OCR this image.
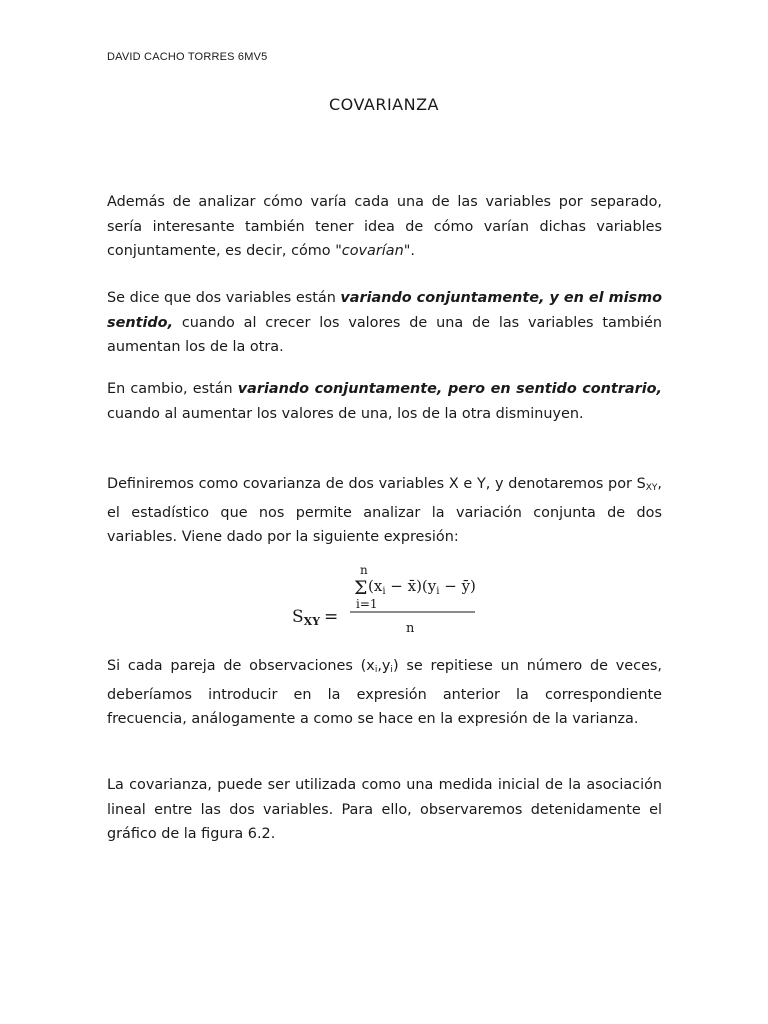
DAVID CACHO TORRES 6MV5
COVARIANZA

Además de analizar cómo varía cada una de las variables por separado, sería interesante también tener idea de cómo varían dichas variables conjuntamente, es decir, cómo "covarían".

Se dice que dos variables están variando conjuntamente, y en el mismo sentido, cuando al crecer los valores de una de las variables también aumentan los de la otra.

En cambio, están variando conjuntamente, pero en sentido contrario, cuando al aumentar los valores de una, los de la otra disminuyen.

Definiremos como covarianza de dos variables X e Y, y denotaremos por $S_{XY}$, el estadístico que nos permite analizar la variación conjunta de dos variables. Viene dado por la siguiente expresión:

n
Σ ($x_i$ − $x̄)(y_i$ − ȳ)
i=1
SXY =
n

Si cada pareja de observaciones $(x_i,y_i)$ se repitiese un número de veces, deberíamos introducir en la expresión anterior la correspondiente frecuencia, análogamente a como se hace en la expresión de la varianza.

La covarianza, puede ser utilizada como una medida inicial de la asociación lineal entre las dos variables. Para ello, observaremos detenidamente el gráfico de la figura 6.2.
